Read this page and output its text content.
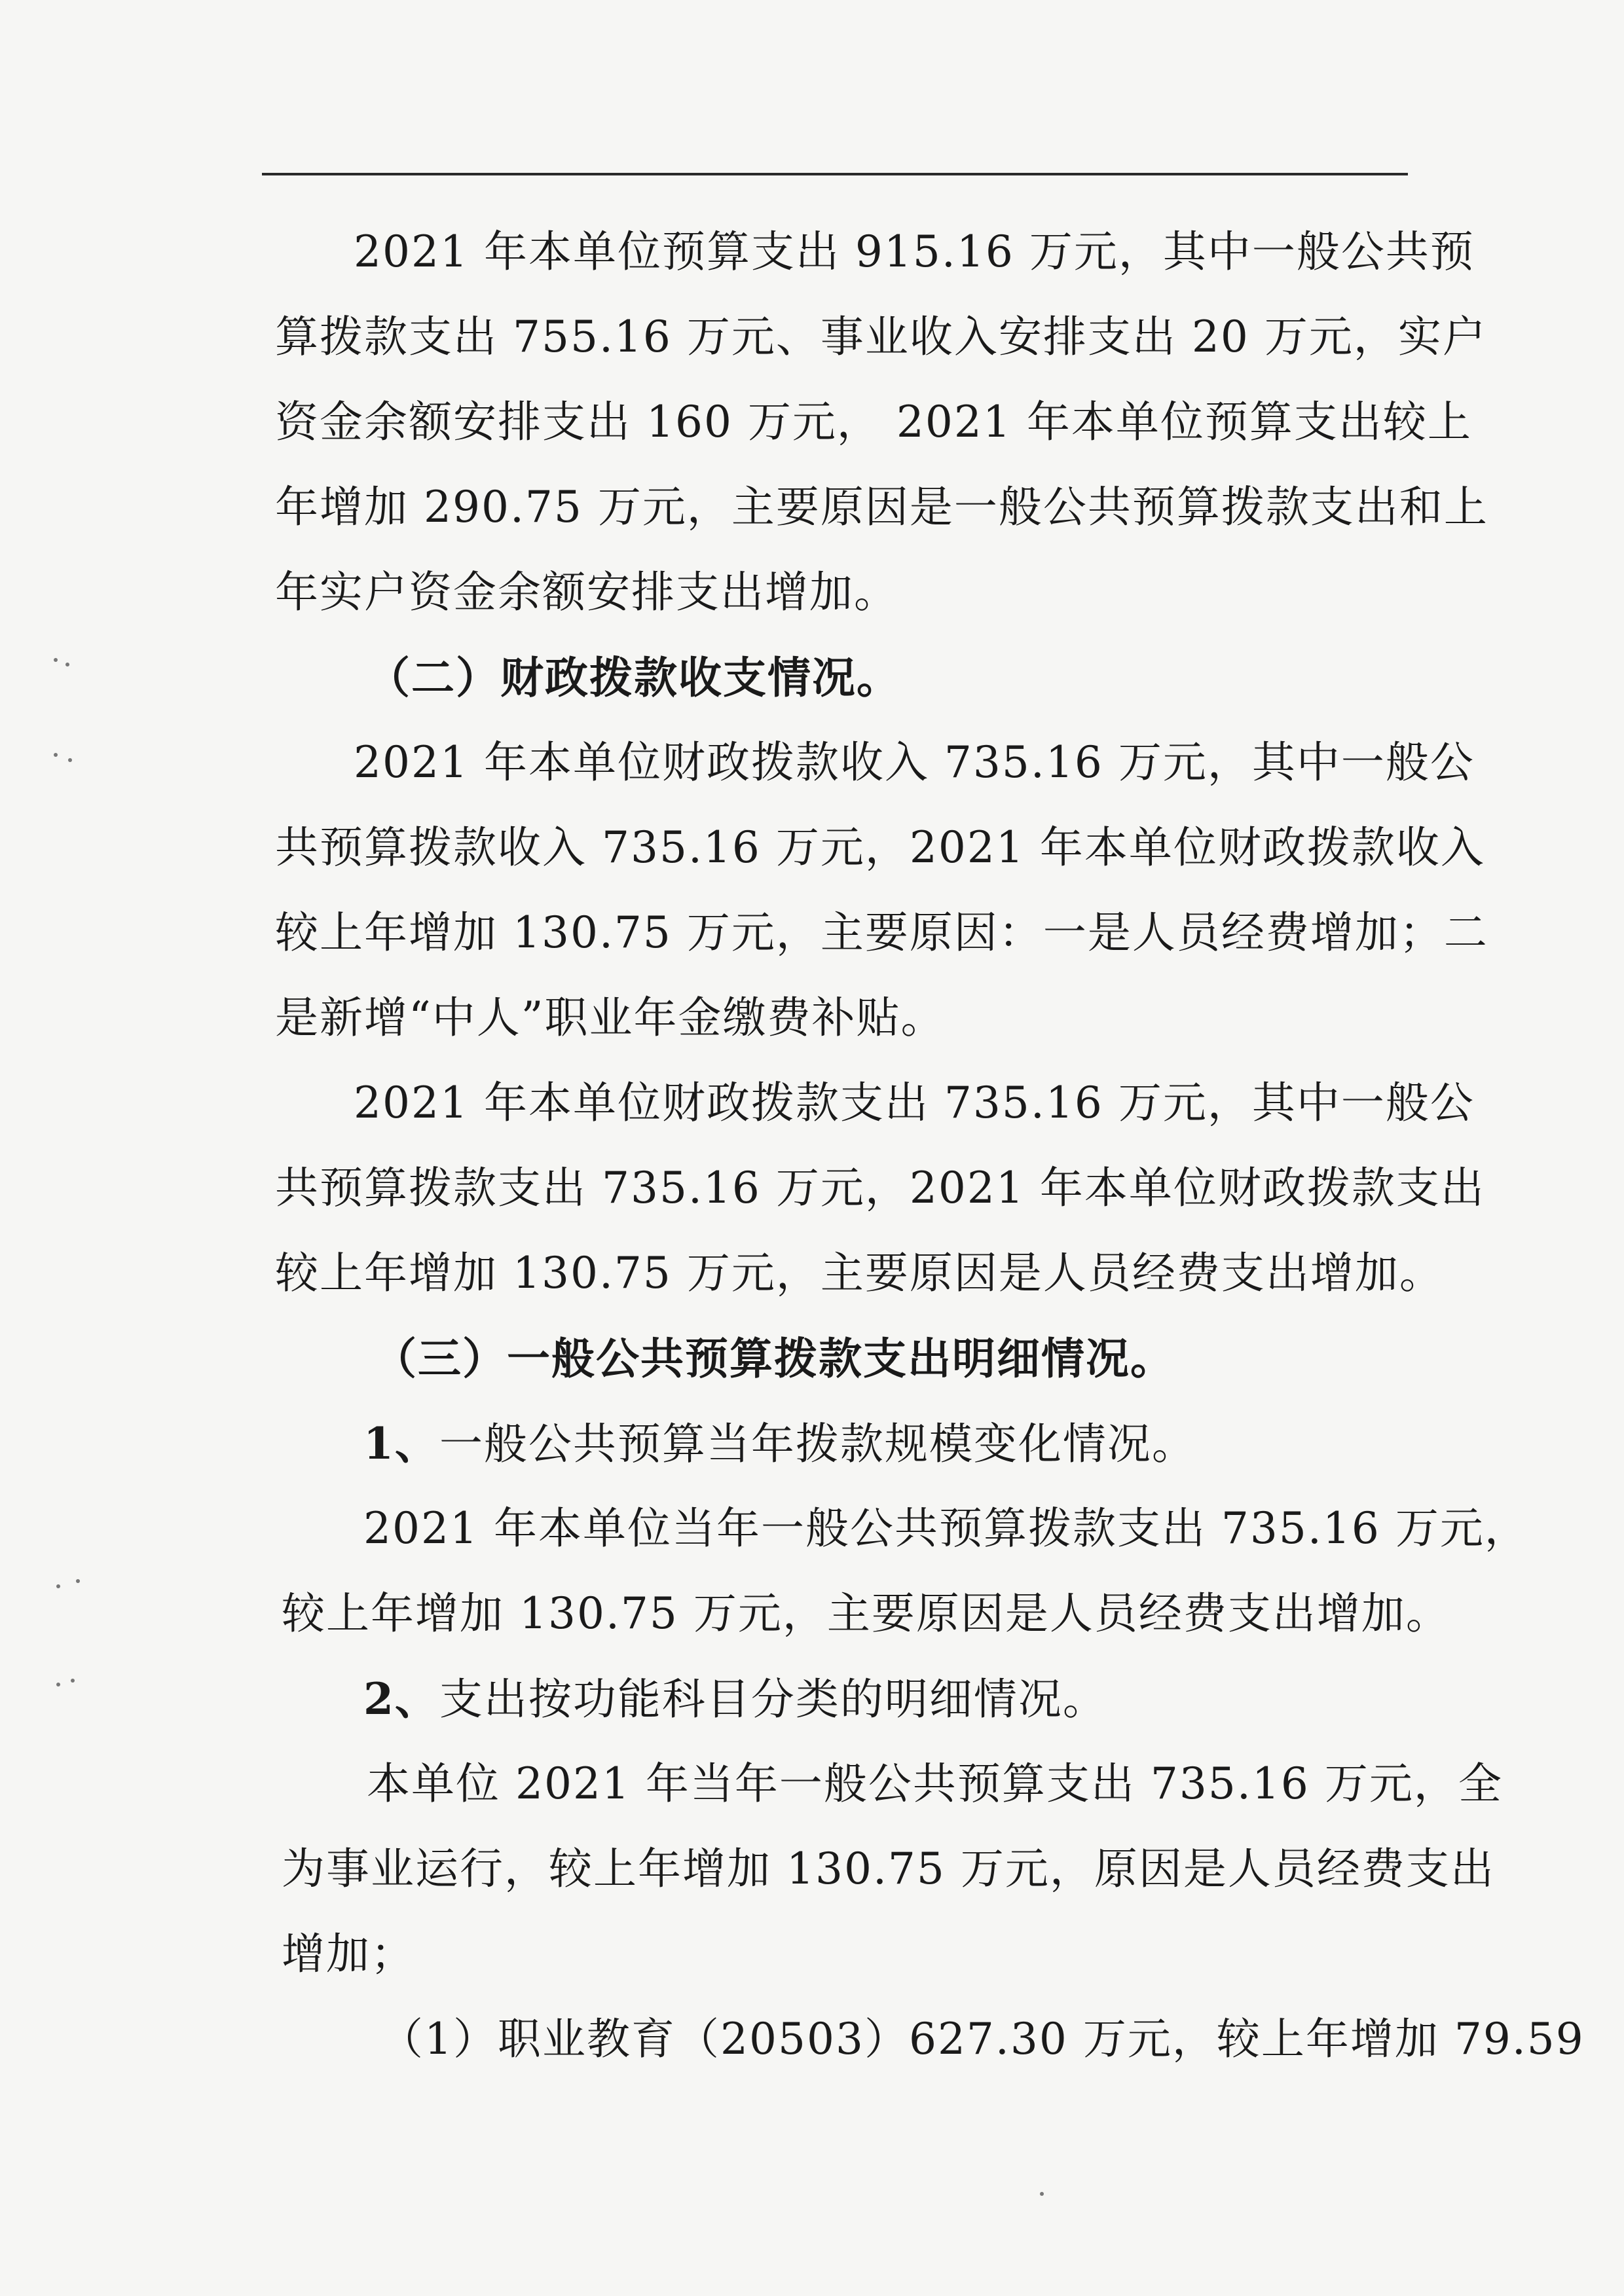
2021 年本单位预算支出 915.16 万元，其中一般公共预
算拨款支出 755.16 万元、事业收入安排支出 20 万元，实户
资金余额安排支出 160 万元， 2021 年本单位预算支出较上
年增加 290.75 万元，主要原因是一般公共预算拨款支出和上
年实户资金余额安排支出增加。
（二）财政拨款收支情况。
2021 年本单位财政拨款收入 735.16 万元，其中一般公
共预算拨款收入 735.16 万元，2021 年本单位财政拨款收入
较上年增加 130.75 万元，主要原因：一是人员经费增加；二
是新增“中人”职业年金缴费补贴。
2021 年本单位财政拨款支出 735.16 万元，其中一般公
共预算拨款支出 735.16 万元，2021 年本单位财政拨款支出
较上年增加 130.75 万元，主要原因是人员经费支出增加。
（三）一般公共预算拨款支出明细情况。
1、一般公共预算当年拨款规模变化情况。
2021 年本单位当年一般公共预算拨款支出 735.16 万元，
较上年增加 130.75 万元，主要原因是人员经费支出增加。
2、支出按功能科目分类的明细情况。
本单位 2021 年当年一般公共预算支出 735.16 万元，全
为事业运行，较上年增加 130.75 万元，原因是人员经费支出
增加；
（1）职业教育（20503）627.30 万元，较上年增加 79.59
